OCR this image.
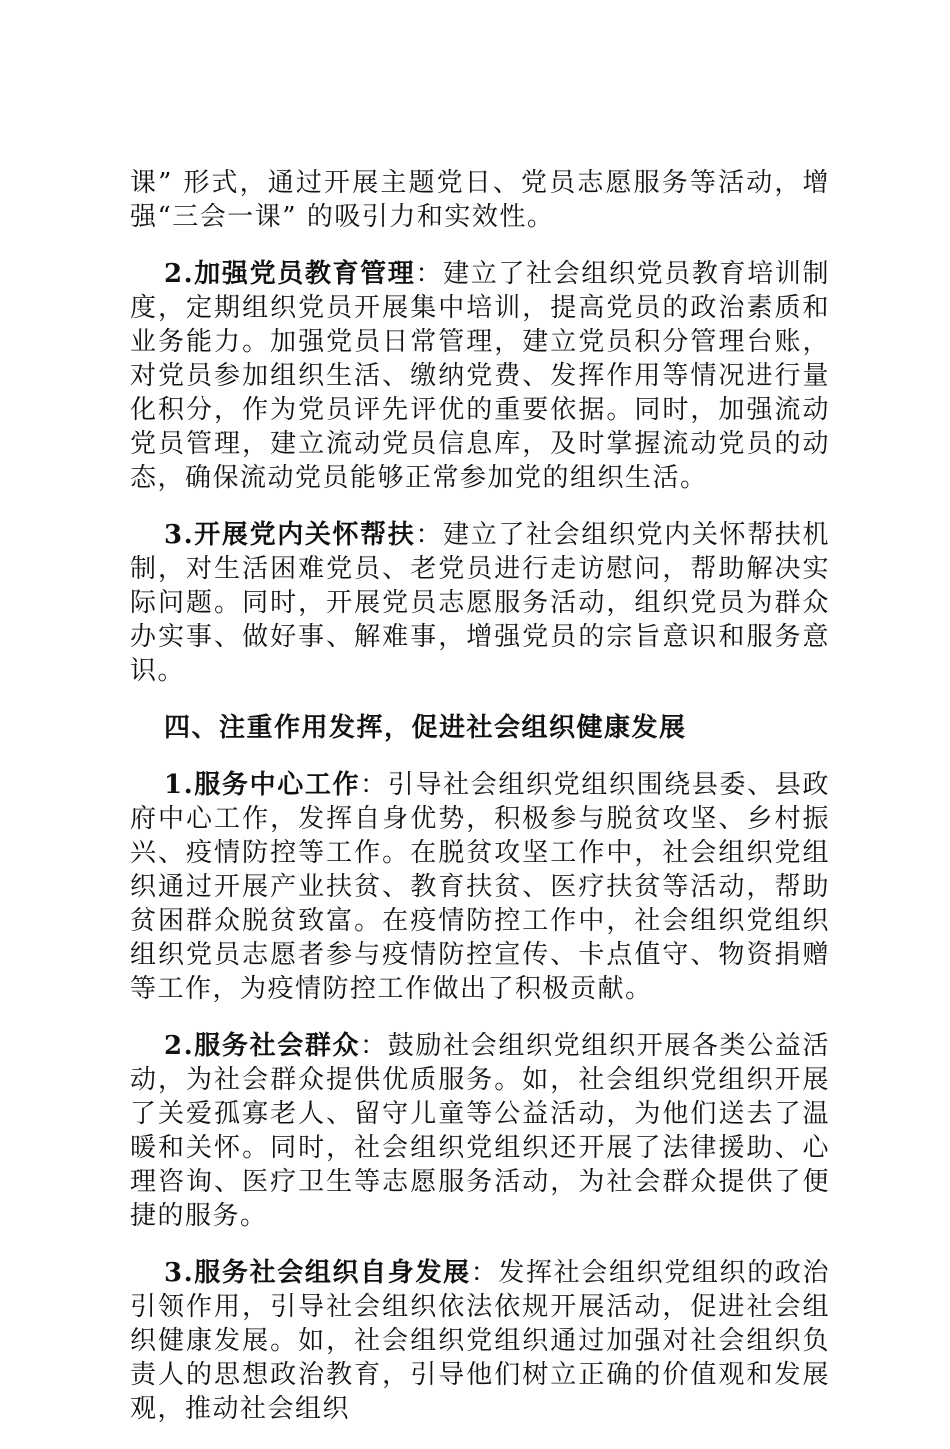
课” 形式，通过开展主题党日、党员志愿服务等活动，增强“三会一课” 的吸引力和实效性。

2.加强党员教育管理：建立了社会组织党员教育培训制度，定期组织党员开展集中培训，提高党员的政治素质和业务能力。加强党员日常管理，建立党员积分管理台账，对党员参加组织生活、缴纳党费、发挥作用等情况进行量化积分，作为党员评先评优的重要依据。同时，加强流动党员管理，建立流动党员信息库，及时掌握流动党员的动态，确保流动党员能够正常参加党的组织生活。

3.开展党内关怀帮扶：建立了社会组织党内关怀帮扶机制，对生活困难党员、老党员进行走访慰问，帮助解决实际问题。同时，开展党员志愿服务活动，组织党员为群众办实事、做好事、解难事，增强党员的宗旨意识和服务意识。

四、注重作用发挥，促进社会组织健康发展

1.服务中心工作：引导社会组织党组织围绕县委、县政府中心工作，发挥自身优势，积极参与脱贫攻坚、乡村振兴、疫情防控等工作。在脱贫攻坚工作中，社会组织党组织通过开展产业扶贫、教育扶贫、医疗扶贫等活动，帮助贫困群众脱贫致富。在疫情防控工作中，社会组织党组织组织党员志愿者参与疫情防控宣传、卡点值守、物资捐赠等工作，为疫情防控工作做出了积极贡献。

2.服务社会群众：鼓励社会组织党组织开展各类公益活动，为社会群众提供优质服务。如，社会组织党组织开展了关爱孤寡老人、留守儿童等公益活动，为他们送去了温暖和关怀。同时，社会组织党组织还开展了法律援助、心理咨询、医疗卫生等志愿服务活动，为社会群众提供了便捷的服务。

3.服务社会组织自身发展：发挥社会组织党组织的政治引领作用，引导社会组织依法依规开展活动，促进社会组织健康发展。如，社会组织党组织通过加强对社会组织负责人的思想政治教育，引导他们树立正确的价值观和发展观，推动社会组织
